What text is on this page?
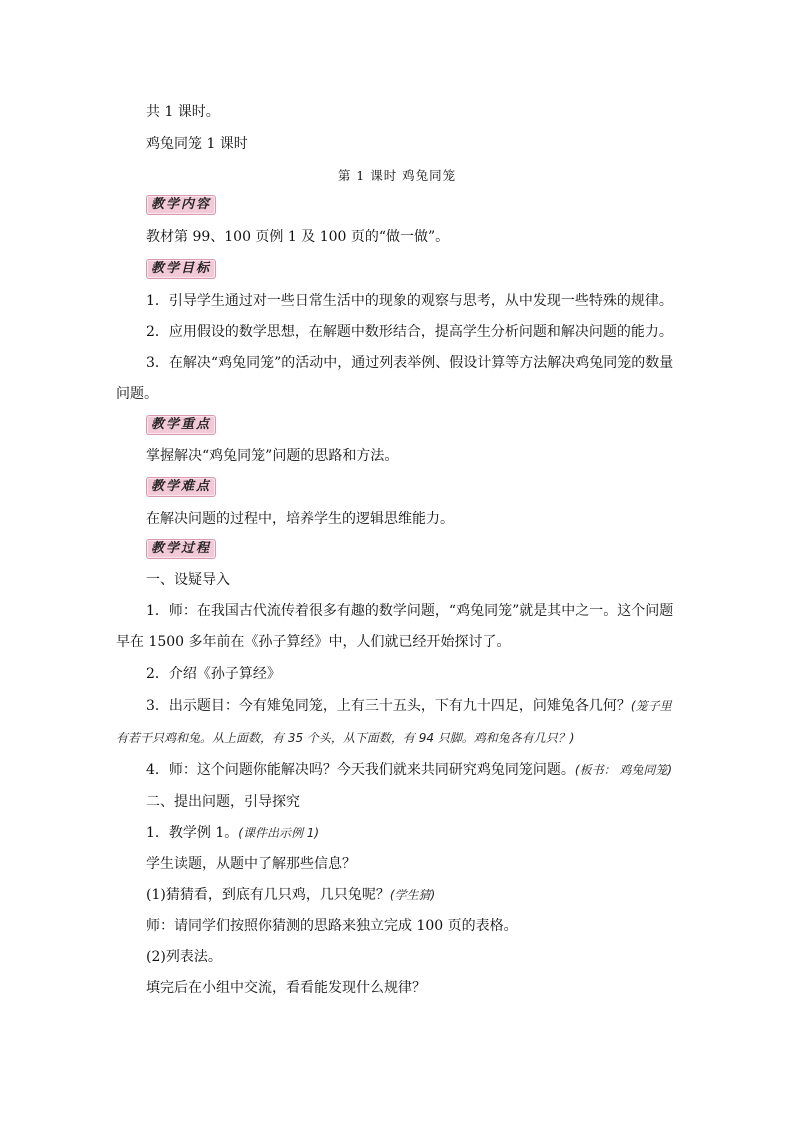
共 1 课时。
鸡兔同笼 1 课时
第 1 课时 鸡兔同笼
教学内容
教材第 99、100 页例 1 及 100 页的“做一做”。
教学目标
1．引导学生通过对一些日常生活中的现象的观察与思考，从中发现一些特殊的规律。
2．应用假设的数学思想，在解题中数形结合，提高学生分析问题和解决问题的能力。
3．在解决“鸡兔同笼”的活动中，通过列表举例、假设计算等方法解决鸡兔同笼的数量
问题。
教学重点
掌握解决“鸡兔同笼”问题的思路和方法。
教学难点
在解决问题的过程中，培养学生的逻辑思维能力。
教学过程
一、设疑导入
1．师：在我国古代流传着很多有趣的数学问题，“鸡兔同笼”就是其中之一。这个问题
早在 1500 多年前在《孙子算经》中，人们就已经开始探讨了。
2．介绍《孙子算经》
3．出示题目：今有雉兔同笼，上有三十五头，下有九十四足，问雉兔各几何？(笼子里
有若干只鸡和兔。从上面数，有 35 个头，从下面数，有 94 只脚。鸡和兔各有几只？)
4．师：这个问题你能解决吗？今天我们就来共同研究鸡兔同笼问题。(板书： 鸡兔同笼)
二、提出问题，引导探究
1．教学例 1。(课件出示例 1)
学生读题，从题中了解那些信息？
(1)猜猜看，到底有几只鸡，几只兔呢？(学生猜)
师：请同学们按照你猜测的思路来独立完成 100 页的表格。
(2)列表法。
填完后在小组中交流，看看能发现什么规律？
